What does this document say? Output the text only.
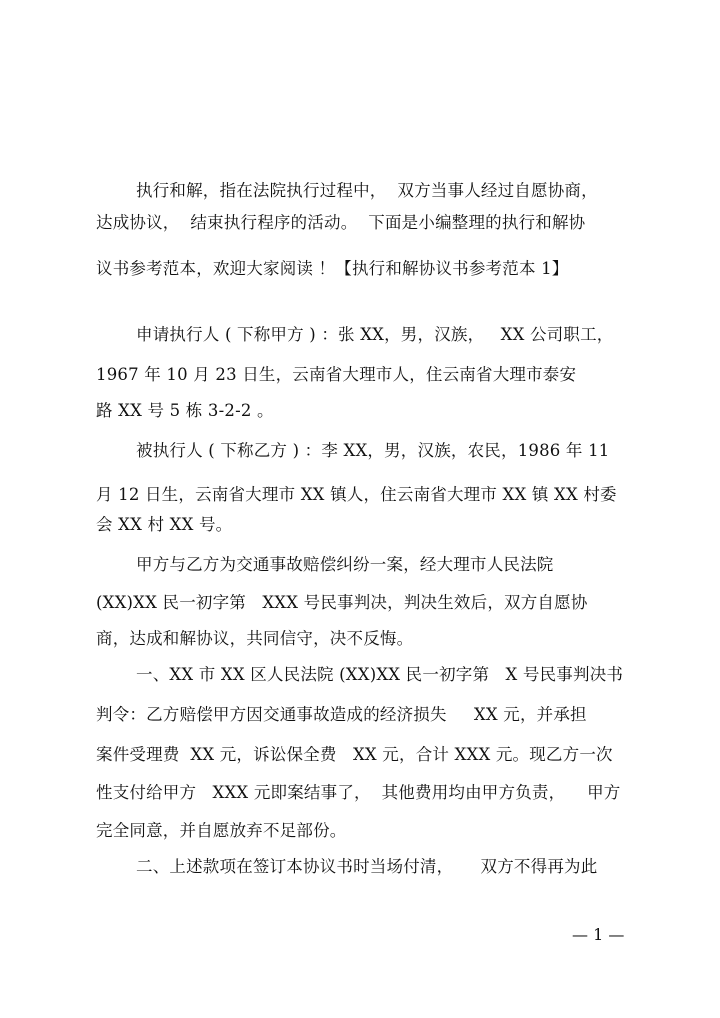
执行和解，指在法院执行过程中，  双方当事人经过自愿协商，
达成协议，  结束执行程序的活动。  下面是小编整理的执行和解协
议书参考范本，欢迎大家阅读 ！【执行和解协议书参考范本 1】
申请执行人 ( 下称甲方 ) ：张 XX，男，汉族，   XX 公司职工，
1967 年 10 月 23 日生，云南省大理市人，住云南省大理市泰安
路 XX 号 5 栋 3-2-2 。
被执行人 ( 下称乙方 ) ：李 XX，男，汉族，农民，1986 年 11
月 12 日生，云南省大理市 XX 镇人，住云南省大理市 XX 镇 XX 村委
会 XX 村 XX 号。
甲方与乙方为交通事故赔偿纠纷一案，经大理市人民法院
(XX)XX 民一初字第   XXX 号民事判决，判决生效后，双方自愿协
商，达成和解协议，共同信守，决不反悔。
一、XX 市 XX 区人民法院 (XX)XX 民一初字第   X 号民事判决书
判令：乙方赔偿甲方因交通事故造成的经济损失     XX 元，并承担
案件受理费  XX 元，诉讼保全费   XX 元，合计 XXX 元。现乙方一次
性支付给甲方   XXX 元即案结事了，  其他费用均由甲方负责，    甲方
完全同意，并自愿放弃不足部份。
二、上述款项在签订本协议书时当场付清，     双方不得再为此
— 1 —
